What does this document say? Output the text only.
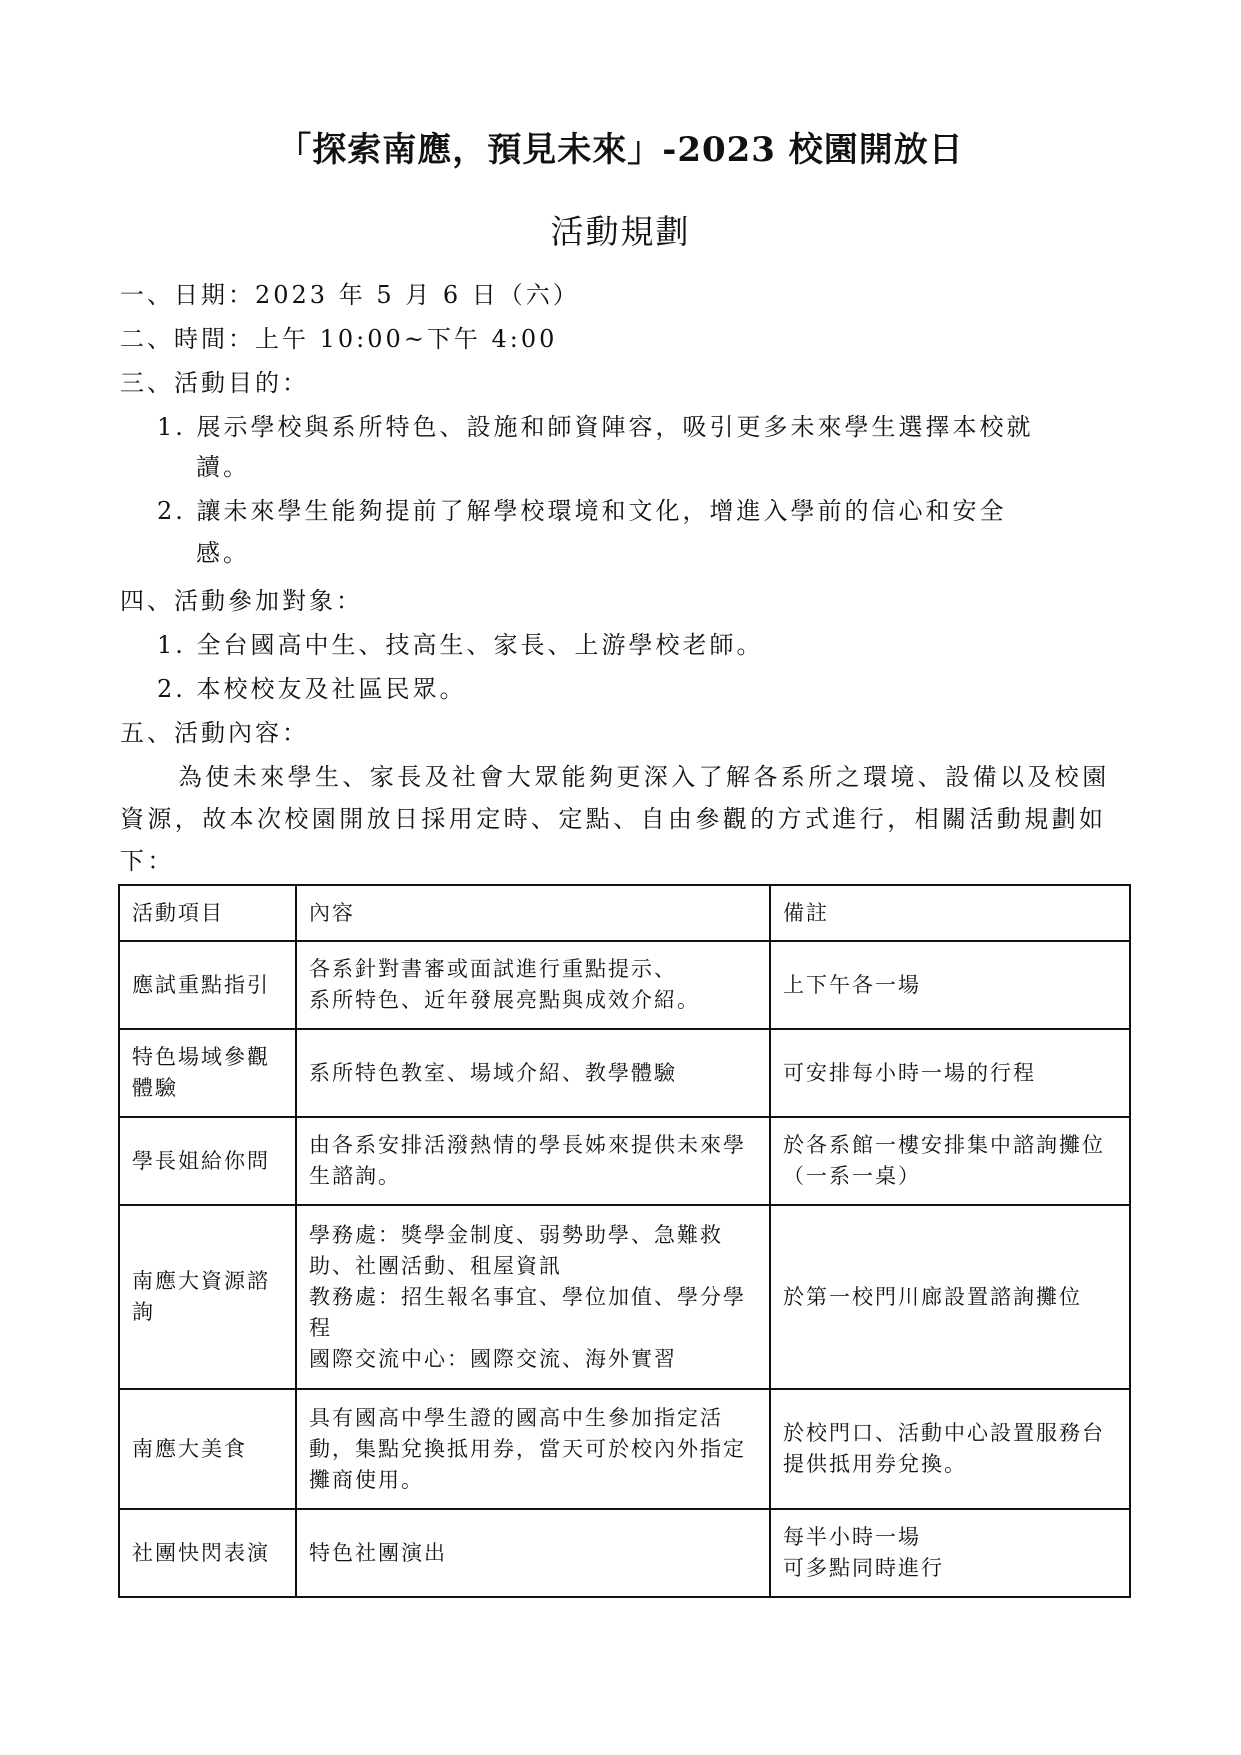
「探索南應，預見未來」-2023 校園開放日
活動規劃
一、日期：2023 年 5 月 6 日（六）
二、時間：上午 10:00~下午 4:00
三、活動目的：
1. 展示學校與系所特色、設施和師資陣容，吸引更多未來學生選擇本校就
讀。
2. 讓未來學生能夠提前了解學校環境和文化，增進入學前的信心和安全
感。
四、活動參加對象：
1. 全台國高中生、技高生、家長、上游學校老師。
2. 本校校友及社區民眾。
五、活動內容：
為使未來學生、家長及社會大眾能夠更深入了解各系所之環境、設備以及校園資源，故本次校園開放日採用定時、定點、自由參觀的方式進行，相關活動規劃如下：
活動項目	內容	備註
應試重點指引	各系針對書審或面試進行重點提示、
系所特色、近年發展亮點與成效介紹。	上下午各一場

特色場域參觀體驗	系所特色教室、場域介紹、教學體驗	可安排每小時一場的行程

學長姐給你問	由各系安排活潑熱情的學長姊來提供未來學生諮詢。	於各系館一樓安排集中諮詢攤位（一系一桌）

南應大資源諮詢	學務處：獎學金制度、弱勢助學、急難救助、社團活動、租屋資訊
教務處：招生報名事宜、學位加值、學分學程
國際交流中心：國際交流、海外實習	於第一校門川廊設置諮詢攤位

南應大美食	具有國高中學生證的國高中生參加指定活動，集點兌換抵用券，當天可於校內外指定攤商使用。	於校門口、活動中心設置服務台提供抵用券兌換。

社團快閃表演	特色社團演出	每半小時一場
可多點同時進行
